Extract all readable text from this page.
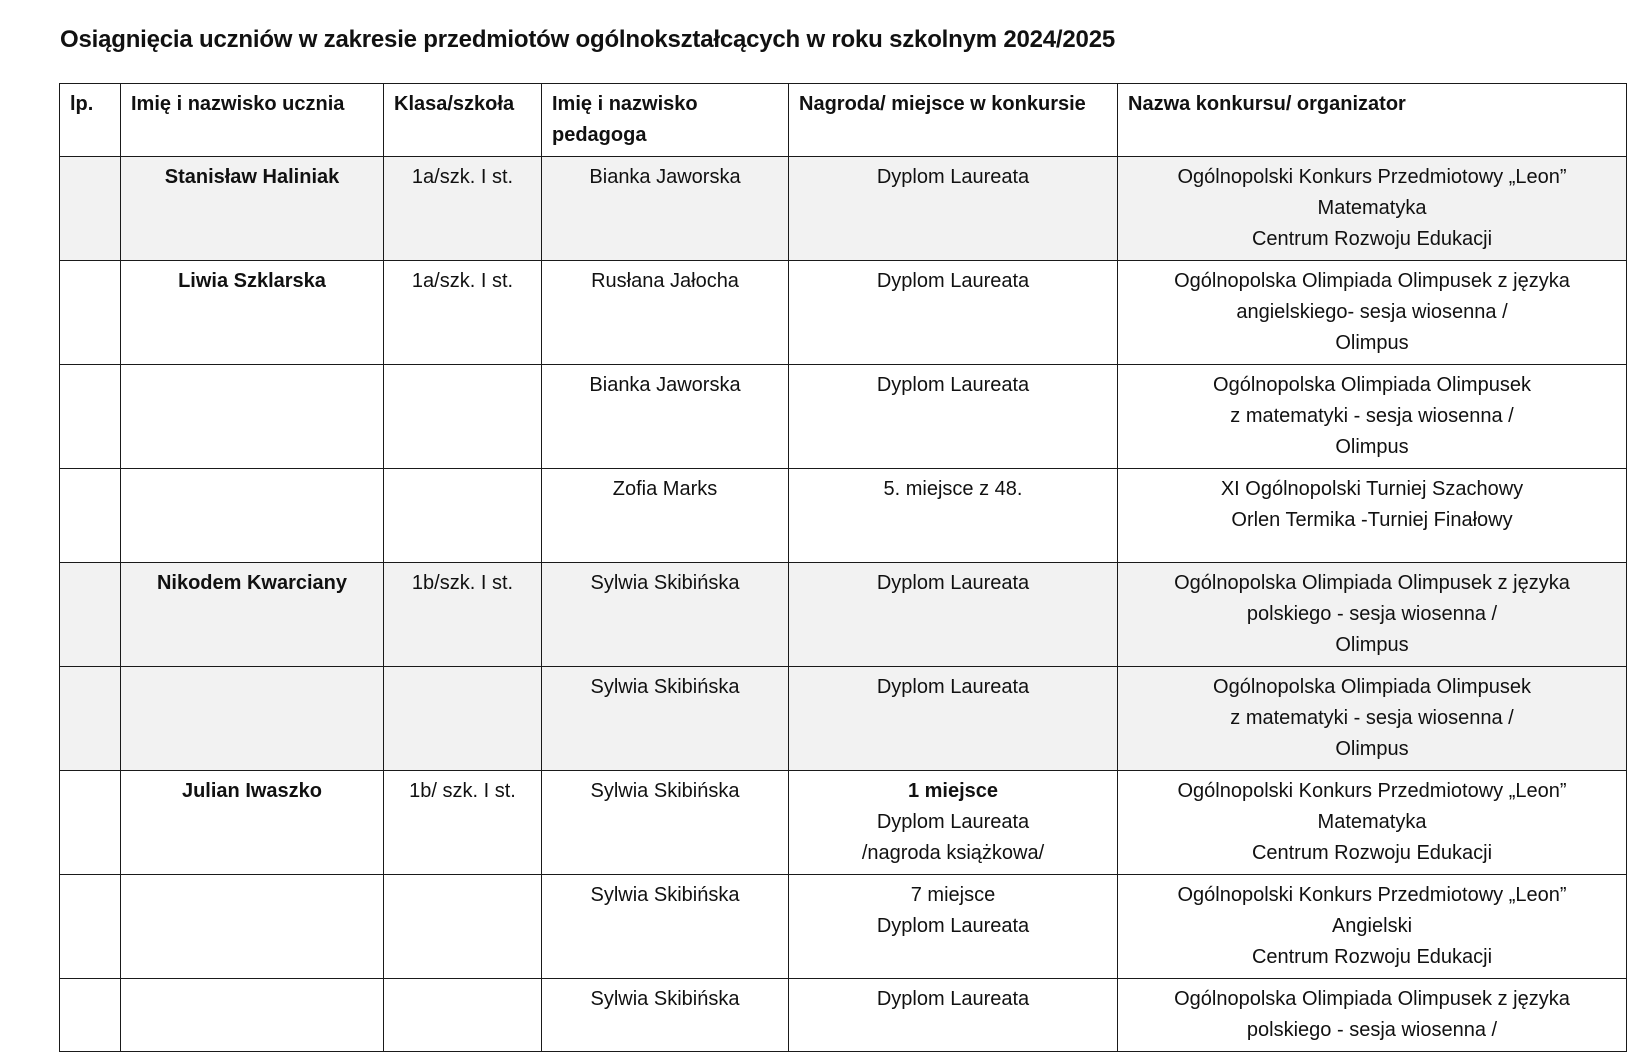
Osiągnięcia uczniów w zakresie przedmiotów ogólnokształcących w roku szkolnym 2024/2025
lp.	Imię i nazwisko ucznia	Klasa/szkoła	Imię i nazwisko pedagoga	Nagroda/ miejsce w konkursie	Nazwa konkursu/ organizator
	Stanisław Haliniak	1a/szk. I st.	Bianka Jaworska	Dyplom Laureata	Ogólnopolski Konkurs Przedmiotowy „Leon”
Matematyka
Centrum Rozwoju Edukacji

	Liwia Szklarska	1a/szk. I st.	Rusłana Jałocha	Dyplom Laureata	Ogólnopolska Olimpiada Olimpusek z języka
angielskiego- sesja wiosenna /
Olimpus

			Bianka Jaworska	Dyplom Laureata	Ogólnopolska Olimpiada Olimpusek
z matematyki - sesja wiosenna /
Olimpus

			Zofia Marks	5. miejsce z 48.	XI Ogólnopolski Turniej Szachowy
Orlen Termika -Turniej Finałowy

	Nikodem Kwarciany	1b/szk. I st.	Sylwia Skibińska	Dyplom Laureata	Ogólnopolska Olimpiada Olimpusek z języka
polskiego - sesja wiosenna /
Olimpus

			Sylwia Skibińska	Dyplom Laureata	Ogólnopolska Olimpiada Olimpusek
z matematyki - sesja wiosenna /
Olimpus

	Julian Iwaszko	1b/ szk. I st.	Sylwia Skibińska	1 miejsce
Dyplom Laureata
/nagroda książkowa/	Ogólnopolski Konkurs Przedmiotowy „Leon”
Matematyka
Centrum Rozwoju Edukacji

			Sylwia Skibińska	7 miejsce
Dyplom Laureata	Ogólnopolski Konkurs Przedmiotowy „Leon”
Angielski
Centrum Rozwoju Edukacji

			Sylwia Skibińska	Dyplom Laureata	Ogólnopolska Olimpiada Olimpusek z języka
polskiego - sesja wiosenna /
